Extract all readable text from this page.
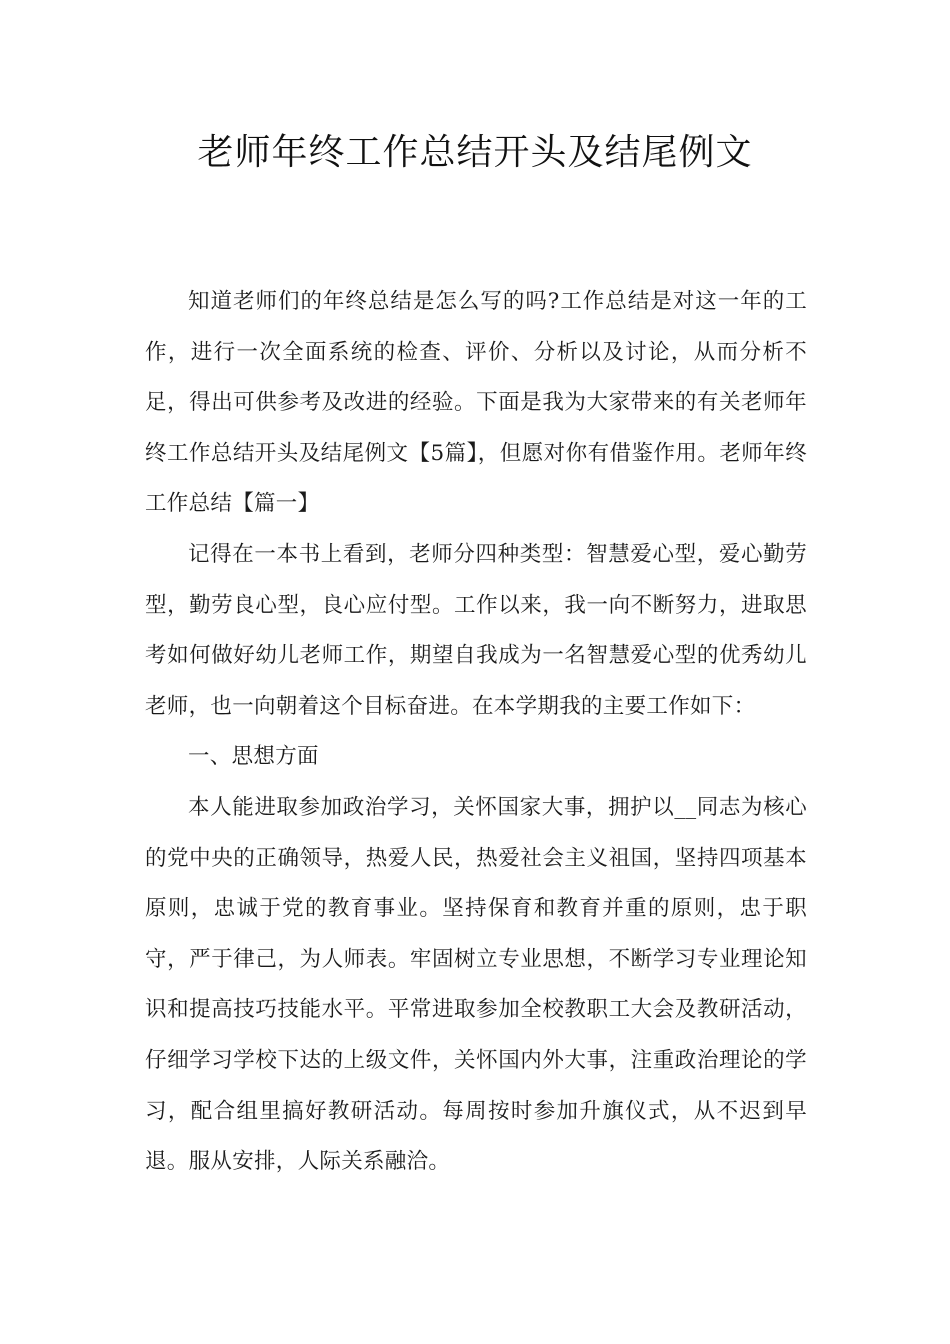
老师年终工作总结开头及结尾例文

知道老师们的年终总结是怎么写的吗?工作总结是对这一年的工作，进行一次全面系统的检查、评价、分析以及讨论，从而分析不足，得出可供参考及改进的经验。下面是我为大家带来的有关老师年终工作总结开头及结尾例文【5篇】，但愿对你有借鉴作用。老师年终工作总结【篇一】

记得在一本书上看到，老师分四种类型：智慧爱心型，爱心勤劳型，勤劳良心型，良心应付型。工作以来，我一向不断努力，进取思考如何做好幼儿老师工作，期望自我成为一名智慧爱心型的优秀幼儿老师，也一向朝着这个目标奋进。在本学期我的主要工作如下：

一、思想方面

本人能进取参加政治学习，关怀国家大事，拥护以__同志为核心的党中央的正确领导，热爱人民，热爱社会主义祖国，坚持四项基本原则，忠诚于党的教育事业。坚持保育和教育并重的原则，忠于职守，严于律己，为人师表。牢固树立专业思想，不断学习专业理论知识和提高技巧技能水平。平常进取参加全校教职工大会及教研活动，仔细学习学校下达的上级文件，关怀国内外大事，注重政治理论的学习，配合组里搞好教研活动。每周按时参加升旗仪式，从不迟到早退。服从安排，人际关系融洽。
